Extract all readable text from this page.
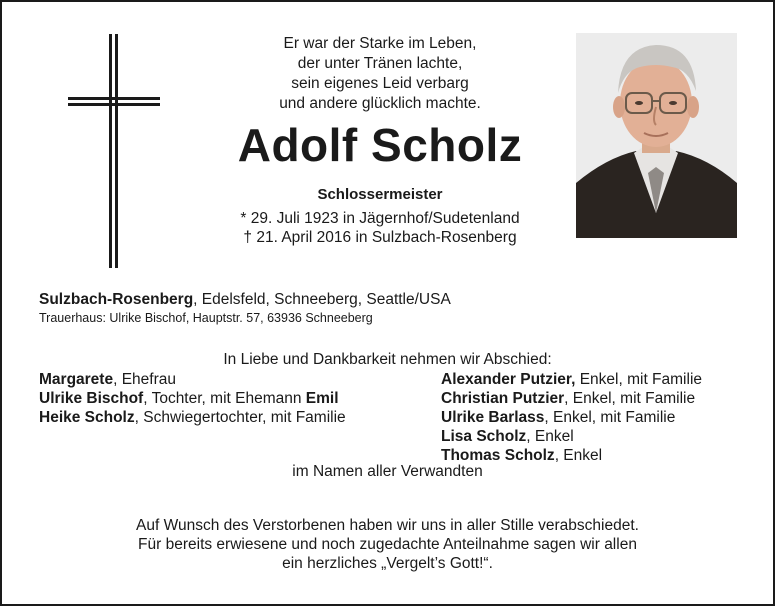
Er war der Starke im Leben,
der unter Tränen lachte,
sein eigenes Leid verbarg
und andere glücklich machte.
Adolf Scholz
Schlossermeister
* 29. Juli 1923 in Jägernhof/Sudetenland
† 21. April 2016 in Sulzbach-Rosenberg
Sulzbach-Rosenberg, Edelsfeld, Schneeberg, Seattle/USA
Trauerhaus: Ulrike Bischof, Hauptstr. 57, 63936 Schneeberg
In Liebe und Dankbarkeit nehmen wir Abschied:
Margarete, Ehefrau
Ulrike Bischof, Tochter, mit Ehemann Emil
Heike Scholz, Schwiegertochter, mit Familie
Alexander Putzier, Enkel, mit Familie
Christian Putzier, Enkel, mit Familie
Ulrike Barlass, Enkel, mit Familie
Lisa Scholz, Enkel
Thomas Scholz, Enkel
im Namen aller Verwandten
Auf Wunsch des Verstorbenen haben wir uns in aller Stille verabschiedet.
Für bereits erwiesene und noch zugedachte Anteilnahme sagen wir allen
ein herzliches „Vergelt’s Gott!“.
